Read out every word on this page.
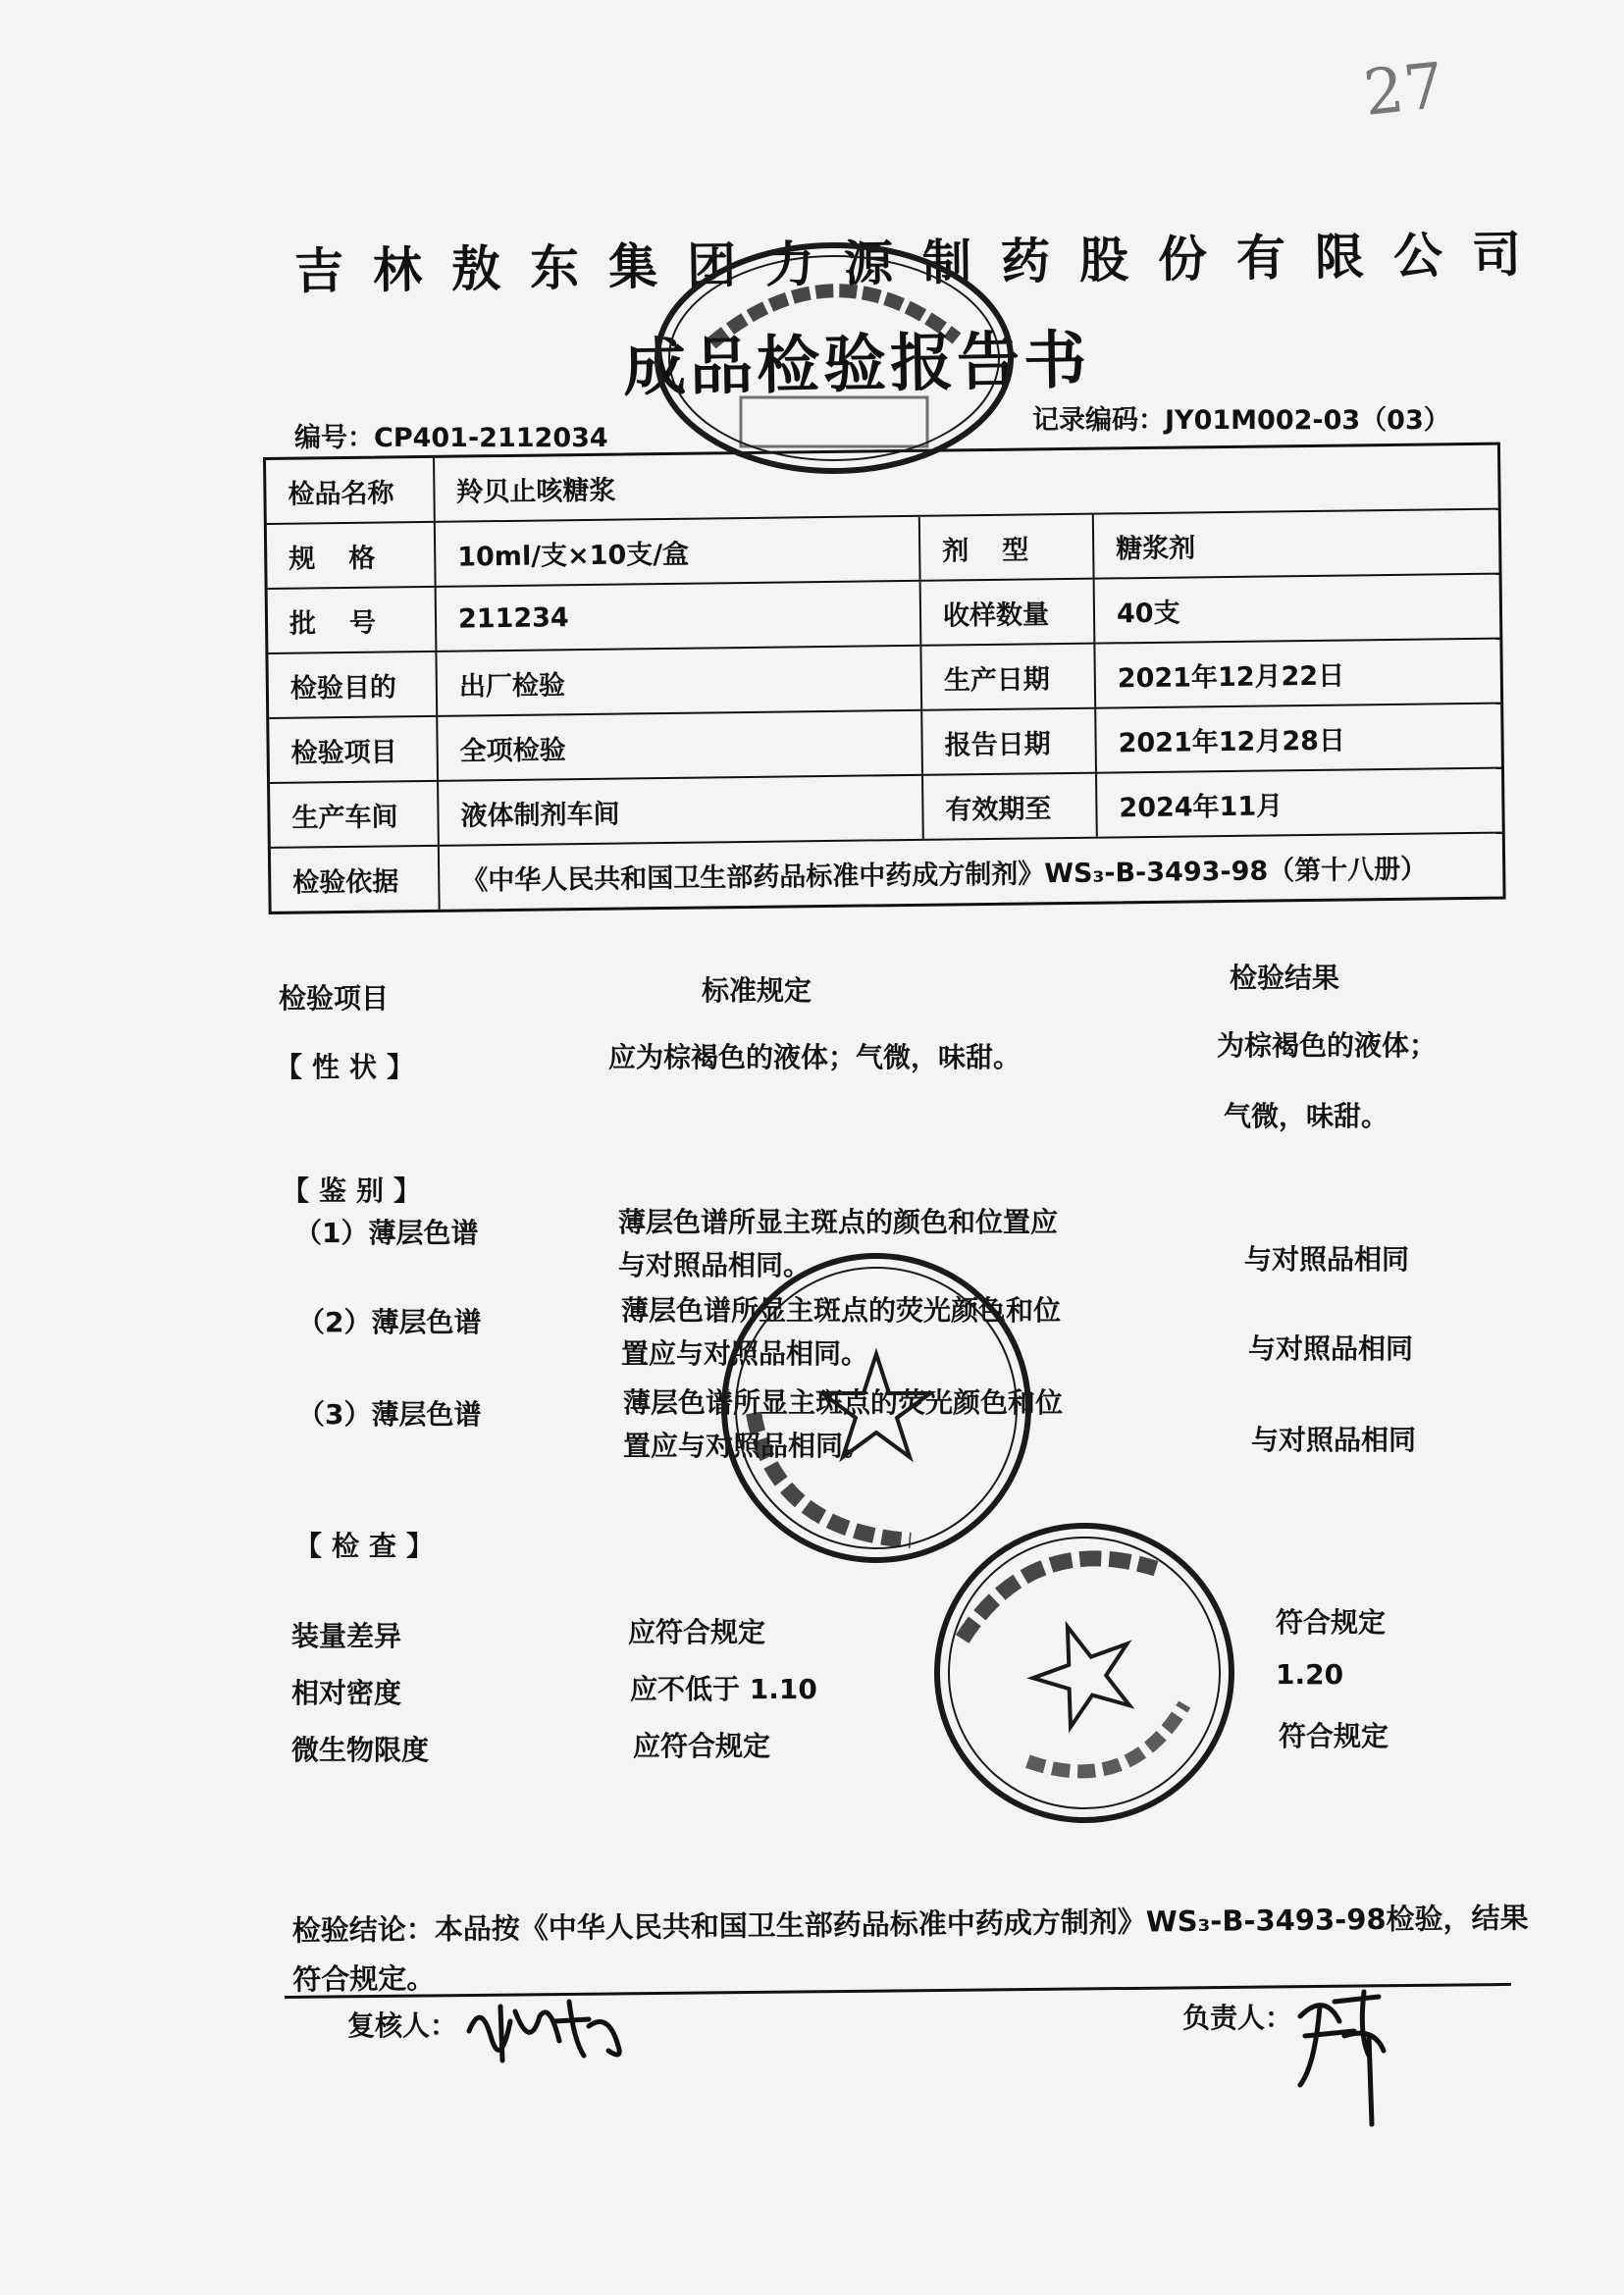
27
吉林敖东集团力源制药股份有限公司
成品检验报告书
编号：CP401-2112034
记录编码：JY01M002-03（03）
检品名称	羚贝止咳糖浆
规格	10ml/支×10支/盒	剂型	糖浆剂
批号	211234	收样数量	40支
检验目的	出厂检验	生产日期	2021年12月22日
检验项目	全项检验	报告日期	2021年12月28日
生产车间	液体制剂车间	有效期至	2024年11月
检验依据	《中华人民共和国卫生部药品标准中药成方制剂》WS₃-B-3493-98（第十八册）
检验项目	标准规定	检验结果
【性状】	应为棕褐色的液体；气微，味甜。	为棕褐色的液体；
气微，味甜。
【鉴别】
（1）薄层色谱	薄层色谱所显主斑点的颜色和位置应与对照品相同。	与对照品相同
（2）薄层色谱	薄层色谱所显主斑点的荧光颜色和位置应与对照品相同。	与对照品相同
（3）薄层色谱	薄层色谱所显主斑点的荧光颜色和位置应与对照品相同。	与对照品相同
【检查】
装量差异	应符合规定	符合规定
相对密度	应不低于 1.10	1.20
微生物限度	应符合规定	符合规定
检验结论：本品按《中华人民共和国卫生部药品标准中药成方制剂》WS₃-B-3493-98检验，结果符合规定。
复核人：	负责人：
